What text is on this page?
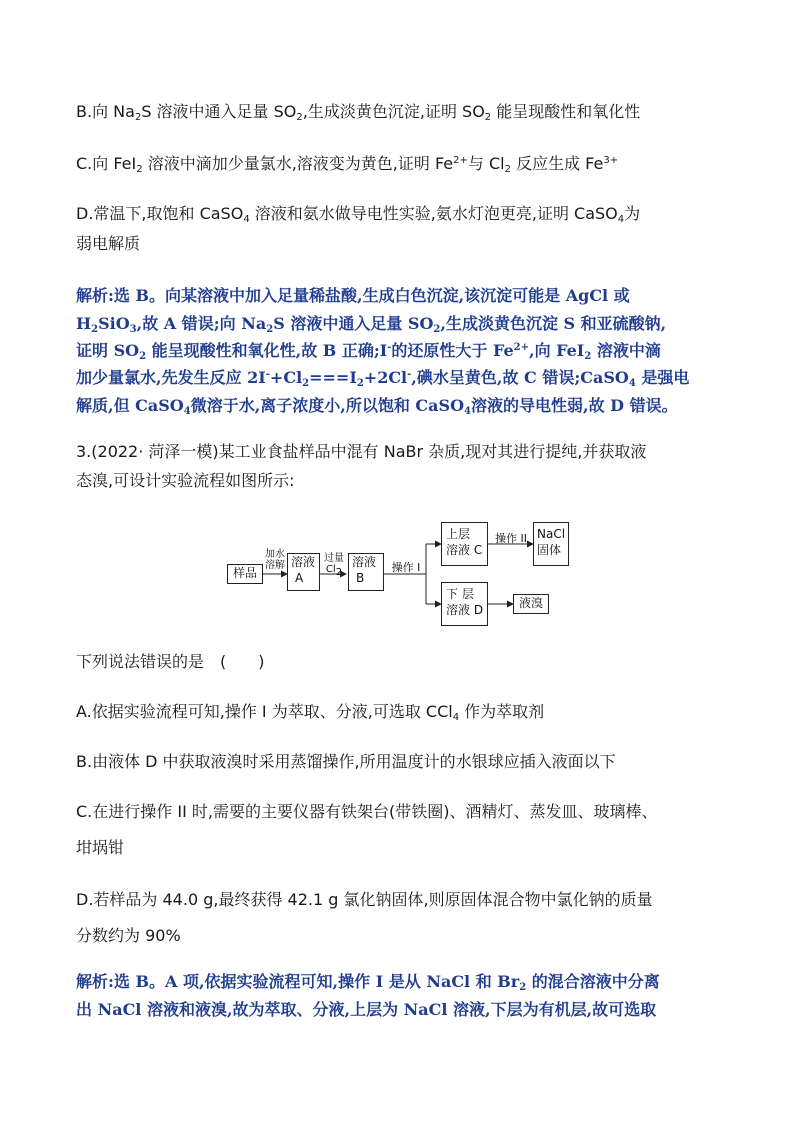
B.向 $Na_2S$ 溶液中通入足量 $SO_2$,生成淡黄色沉淀,证明 $SO_2$ 能呈现酸性和氧化性
C.向 FeI$_2$ 溶液中滴加少量氯水,溶液变为黄色,证明 $Fe^{2+}$与 $Cl_2$ 反应生成 $Fe^{3+}$
D.常温下,取饱和 CaSO$_4$ 溶液和氨水做导电性实验,氨水灯泡更亮,证明 CaSO$_4$为
弱电解质
解析:选 B。向某溶液中加入足量稀盐酸,生成白色沉淀,该沉淀可能是 AgCl 或
$H_2SiO_3$,故 A 错误;向 $Na_2S$ 溶液中通入足量 $SO_2$,生成淡黄色沉淀 S 和亚硫酸钠,
证明 $SO_2$ 能呈现酸性和氧化性,故 B 正确;I-的还原性大于 $Fe^{2+}$,向 FeI$_2$ 溶液中滴
加少量氯水,先发生反应 $2I^-+Cl_2===I_2+2Cl^-$,碘水呈黄色,故 C 错误;CaSO$_4$ 是强电
解质,但 CaSO$_4$微溶于水,离子浓度小,所以饱和 CaSO$_4$溶液的导电性弱,故 D 错误。
3.(2022· 菏泽一模)某工业食盐样品中混有 NaBr 杂质,现对其进行提纯,并获取液
态溴,可设计实验流程如图所示:
样品
加水
溶解 溶液
A
过量
$Cl_2$
溶液
B
操作 I
上层
溶液 C
操作 II NaCl
固体
下 层
溶液 D	液溴
下列说法错误的是　(　　)
A.依据实验流程可知,操作 I 为萃取、分液,可选取 CCl$_4$ 作为萃取剂
B.由液体 D 中获取液溴时采用蒸馏操作,所用温度计的水银球应插入液面以下
C.在进行操作 II 时,需要的主要仪器有铁架台(带铁圈)、酒精灯、蒸发皿、玻璃棒、
坩埚钳
D.若样品为 44.0 g,最终获得 42.1 g 氯化钠固体,则原固体混合物中氯化钠的质量
分数约为 90%
解析:选 B。A 项,依据实验流程可知,操作 I 是从 NaCl 和 $Br_2$ 的混合溶液中分离
出 NaCl 溶液和液溴,故为萃取、分液,上层为 NaCl 溶液,下层为有机层,故可选取
